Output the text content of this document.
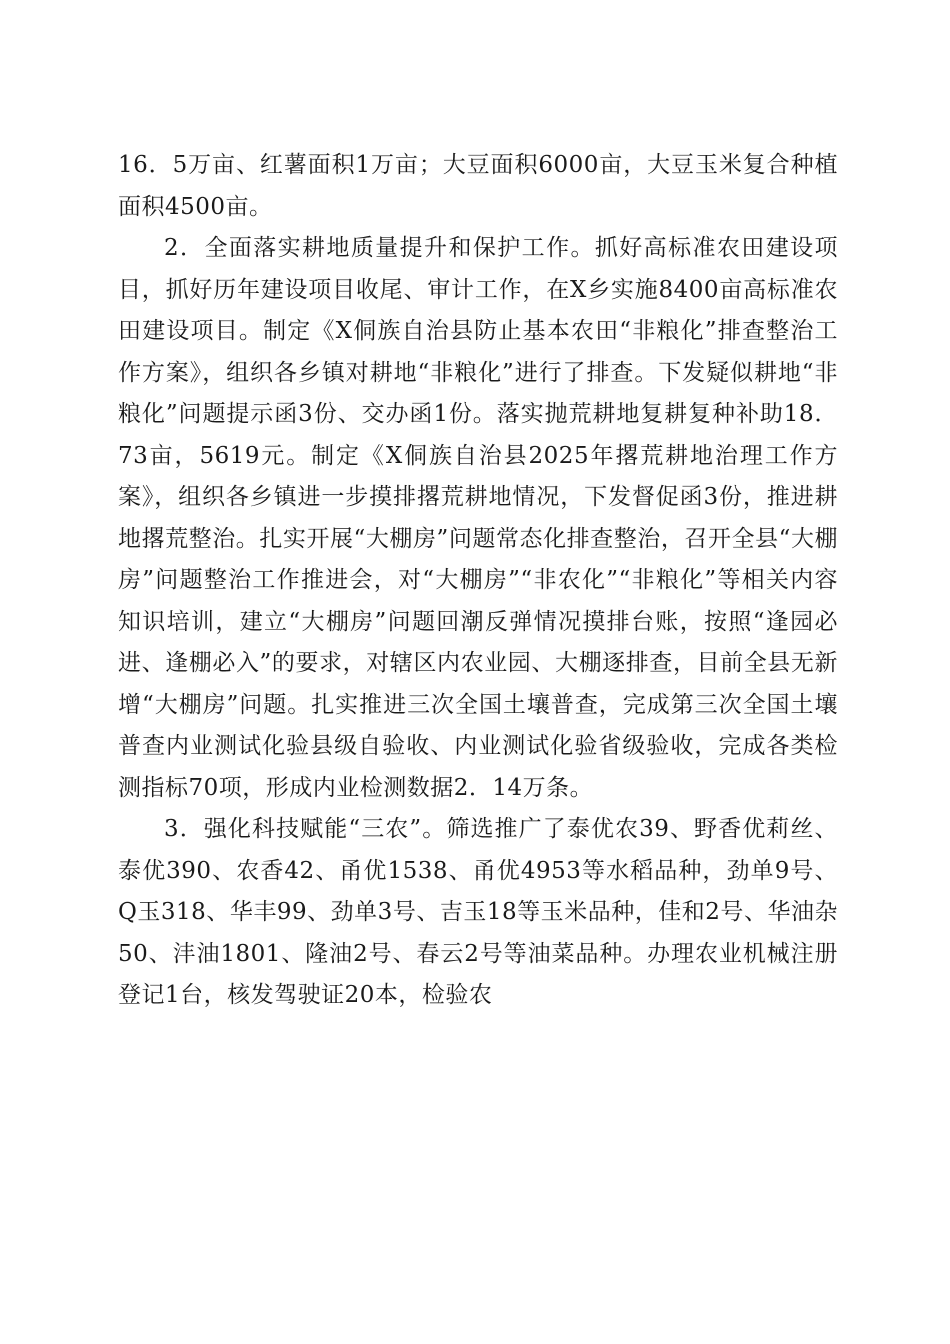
16．5万亩、红薯面积1万亩；大豆面积6000亩，大豆玉米复合种植面积4500亩。

2．全面落实耕地质量提升和保护工作。抓好高标准农田建设项目，抓好历年建设项目收尾、审计工作，在X乡实施8400亩高标准农田建设项目。制定《X侗族自治县防止基本农田“非粮化”排查整治工作方案》，组织各乡镇对耕地“非粮化”进行了排查。下发疑似耕地“非粮化”问题提示函3份、交办函1份。落实抛荒耕地复耕复种补助18．73亩，5619元。制定《X侗族自治县2025年撂荒耕地治理工作方案》，组织各乡镇进一步摸排撂荒耕地情况，下发督促函3份，推进耕地撂荒整治。扎实开展“大棚房”问题常态化排查整治，召开全县“大棚房”问题整治工作推进会，对“大棚房”“非农化”“非粮化”等相关内容知识培训，建立“大棚房”问题回潮反弹情况摸排台账，按照“逢园必进、逢棚必入”的要求，对辖区内农业园、大棚逐排查，目前全县无新增“大棚房”问题。扎实推进三次全国土壤普查，完成第三次全国土壤普查内业测试化验县级自验收、内业测试化验省级验收，完成各类检测指标70项，形成内业检测数据2．14万条。

3．强化科技赋能“三农”。筛选推广了泰优农39、野香优莉丝、泰优390、农香42、甬优1538、甬优4953等水稻品种，劲单9号、Q玉318、华丰99、劲单3号、吉玉18等玉米品种，佳和2号、华油杂50、沣油1801、隆油2号、春云2号等油菜品种。办理农业机械注册登记1台，核发驾驶证20本，检验农
